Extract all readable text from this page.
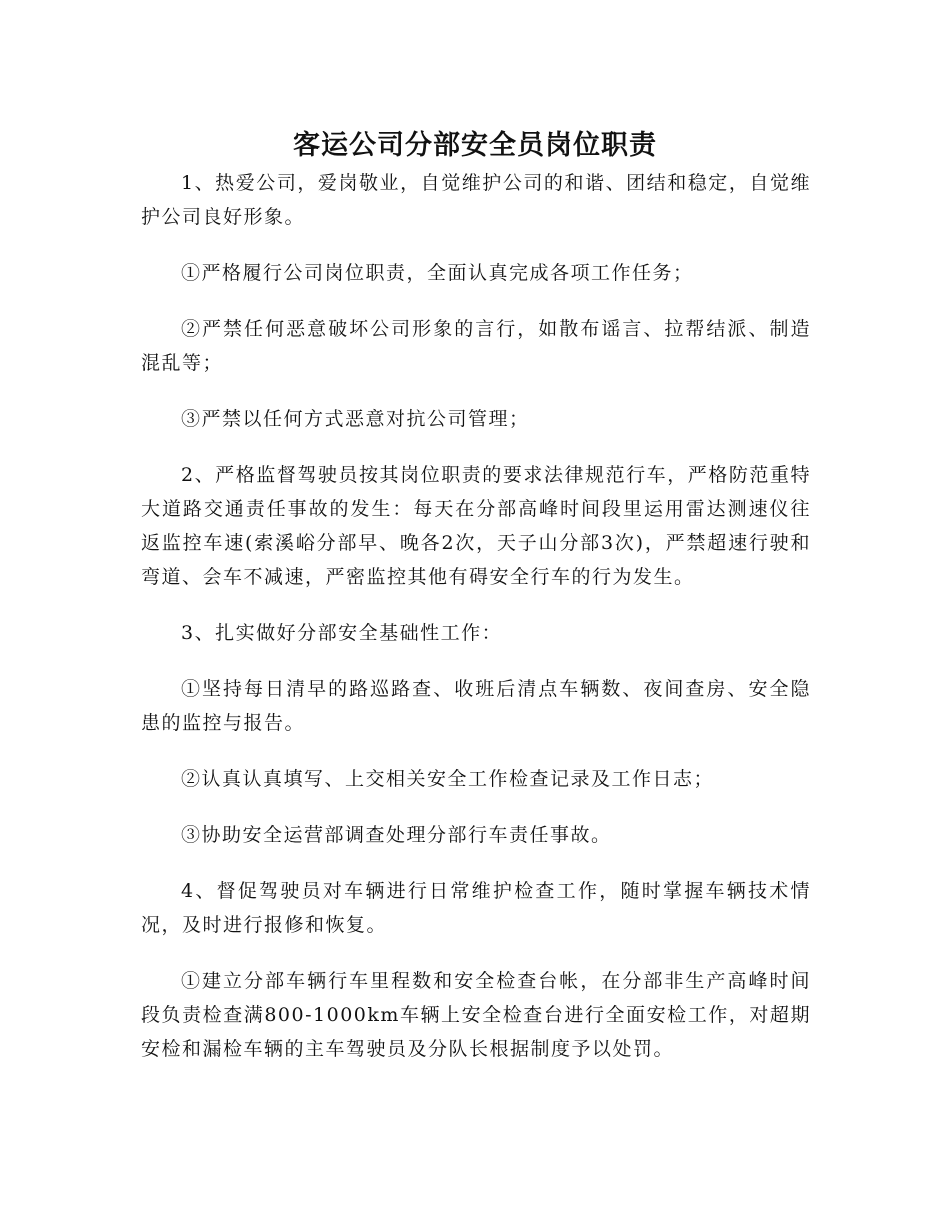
客运公司分部安全员岗位职责

1、热爱公司，爱岗敬业，自觉维护公司的和谐、团结和稳定，自觉维护公司良好形象。

①严格履行公司岗位职责，全面认真完成各项工作任务；

②严禁任何恶意破坏公司形象的言行，如散布谣言、拉帮结派、制造混乱等；

③严禁以任何方式恶意对抗公司管理；

2、严格监督驾驶员按其岗位职责的要求法律规范行车，严格防范重特大道路交通责任事故的发生：每天在分部高峰时间段里运用雷达测速仪往返监控车速(索溪峪分部早、晚各2次，天子山分部3次)，严禁超速行驶和弯道、会车不减速，严密监控其他有碍安全行车的行为发生。

3、扎实做好分部安全基础性工作：

①坚持每日清早的路巡路查、收班后清点车辆数、夜间查房、安全隐患的监控与报告。

②认真认真填写、上交相关安全工作检查记录及工作日志；

③协助安全运营部调查处理分部行车责任事故。

4、督促驾驶员对车辆进行日常维护检查工作，随时掌握车辆技术情况，及时进行报修和恢复。

①建立分部车辆行车里程数和安全检查台帐，在分部非生产高峰时间段负责检查满800-1000km车辆上安全检查台进行全面安检工作，对超期安检和漏检车辆的主车驾驶员及分队长根据制度予以处罚。
